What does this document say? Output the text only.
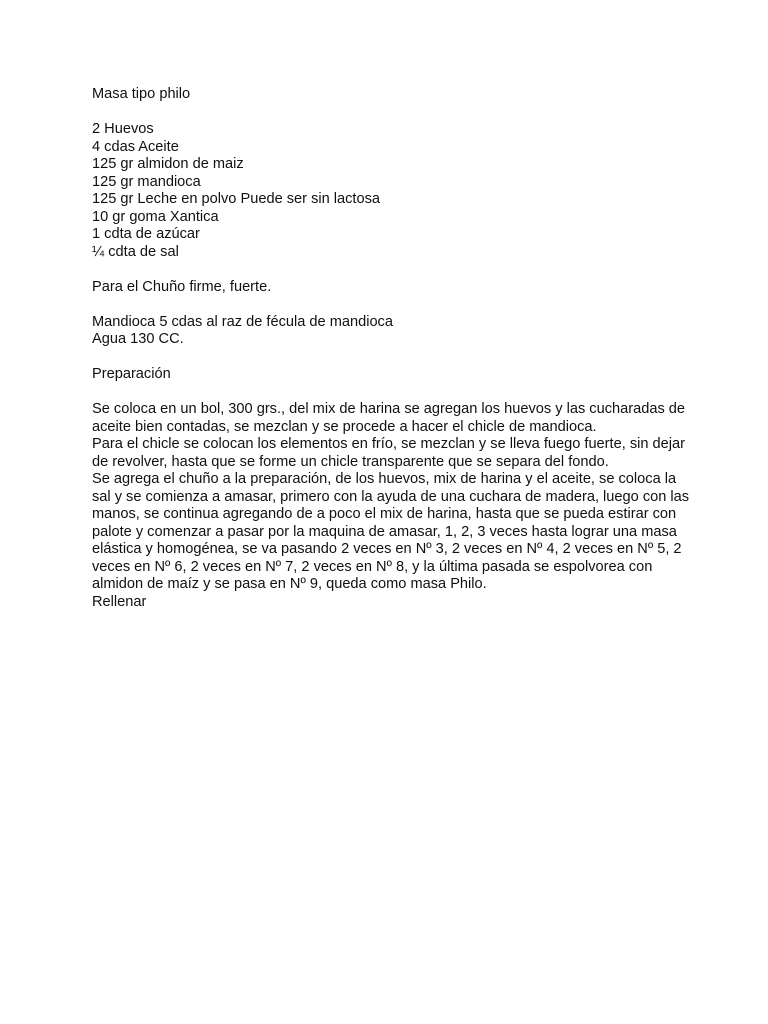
Masa tipo philo

2 Huevos

4 cdas Aceite

125 gr almidon de maiz

125 gr mandioca

125 gr Leche en polvo Puede ser sin lactosa

10 gr goma Xantica

1 cdta de azúcar

¼ cdta de sal

Para el Chuño firme, fuerte.

Mandioca 5 cdas al raz de fécula de mandioca

Agua 130 CC.

Preparación

Se coloca en un bol, 300 grs., del mix de harina se agregan los huevos y las cucharadas de

aceite bien contadas, se mezclan y se procede a hacer el chicle de mandioca.

Para el chicle se colocan los elementos en frío, se mezclan y se lleva fuego fuerte, sin dejar

de revolver, hasta que se forme un chicle transparente que se separa del fondo.

Se agrega el chuño a la preparación, de los huevos, mix de harina y el aceite, se coloca la

sal y se comienza a amasar, primero con la ayuda de una cuchara de madera, luego con las

manos, se continua agregando de a poco el mix de harina, hasta que se pueda estirar con

palote y comenzar a pasar por la maquina de amasar, 1, 2, 3 veces hasta lograr una masa

elástica y homogénea, se va pasando 2 veces en Nº 3, 2 veces en Nº 4, 2 veces en Nº 5, 2

veces en Nº 6, 2 veces en Nº 7, 2 veces en Nº 8, y la última pasada se espolvorea con

almidon de maíz y se pasa en Nº 9, queda como masa Philo.

Rellenar
